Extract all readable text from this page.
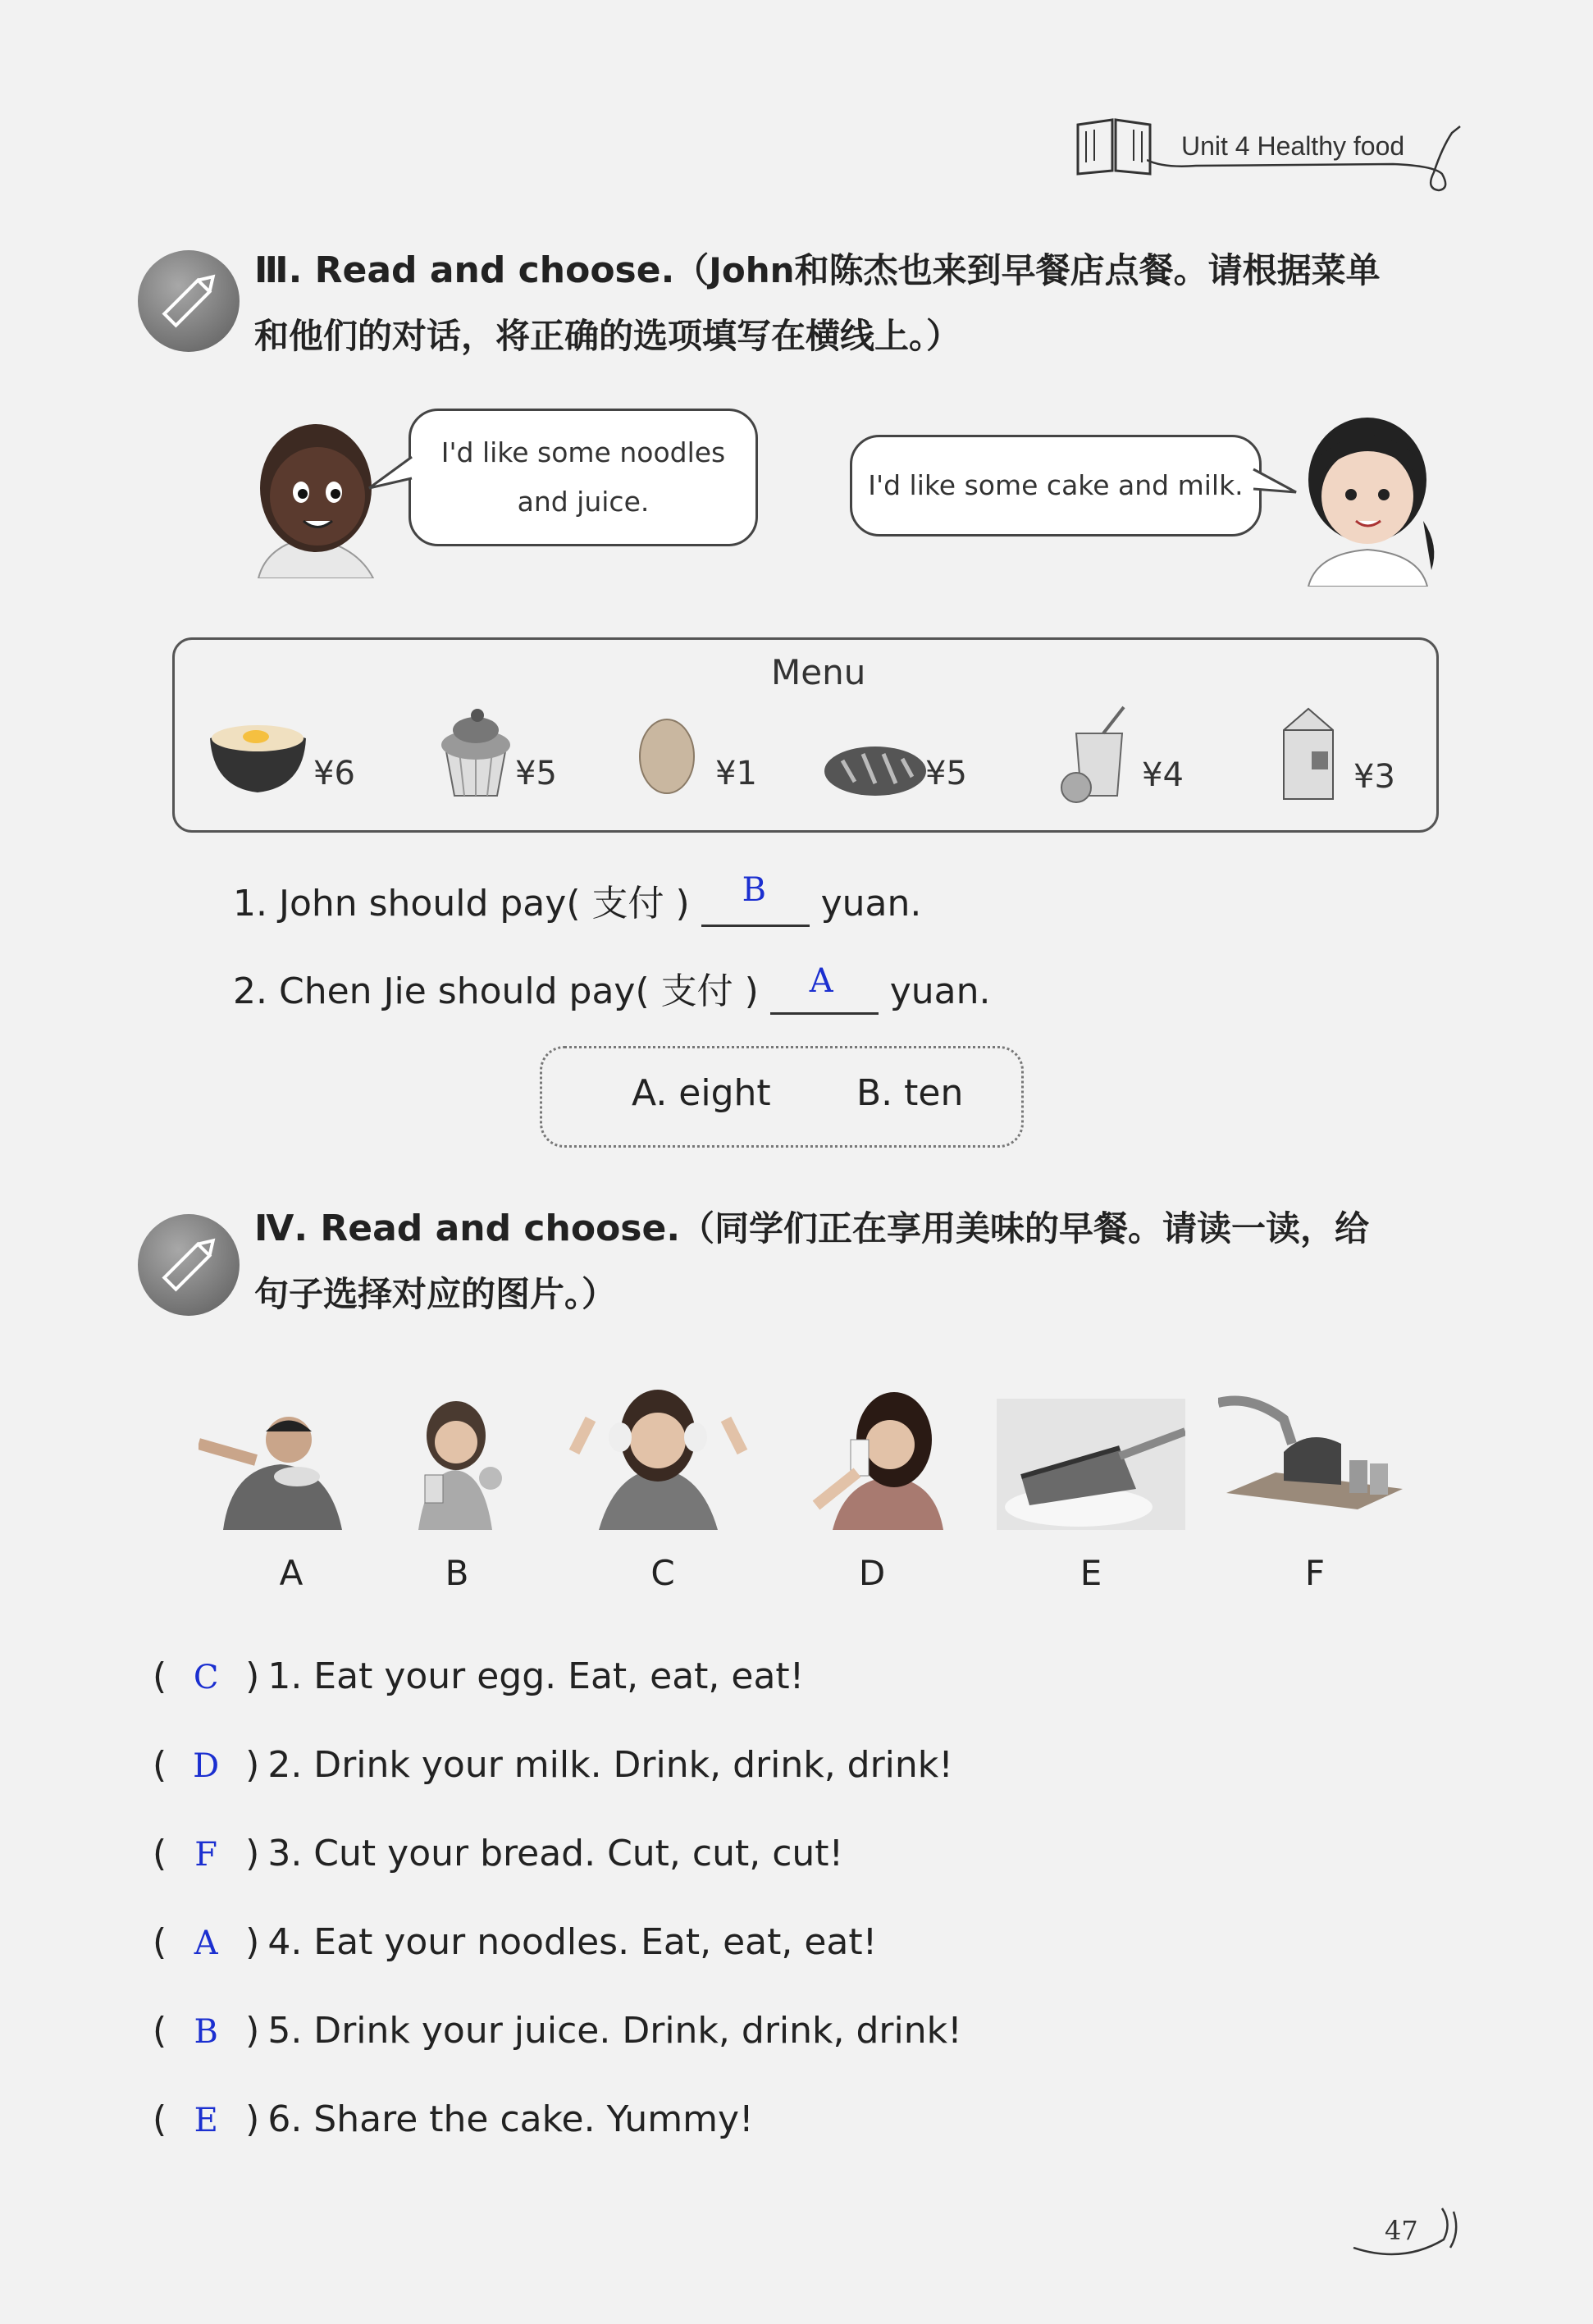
Unit 4 Healthy food
Ⅲ. Read and choose.（John和陈杰也来到早餐店点餐。请根据菜单
和他们的对话，将正确的选项填写在横线上。）
I'd like some noodles
and juice.
I'd like some cake and milk.
Menu
¥6	¥5	¥1	¥5	¥4	¥3
1. John should pay( 支付 ) B yuan.
2. Chen Jie should pay( 支付 ) A yuan.
A. eight B. ten
Ⅳ. Read and choose.（同学们正在享用美味的早餐。请读一读，给
句子选择对应的图片。）
A	B	C	D	E	F
( C ) 1. Eat your egg. Eat, eat, eat!
( D ) 2. Drink your milk. Drink, drink, drink!
( F ) 3. Cut your bread. Cut, cut, cut!
( A ) 4. Eat your noodles. Eat, eat, eat!
( B ) 5. Drink your juice. Drink, drink, drink!
( E ) 6. Share the cake. Yummy!
47
